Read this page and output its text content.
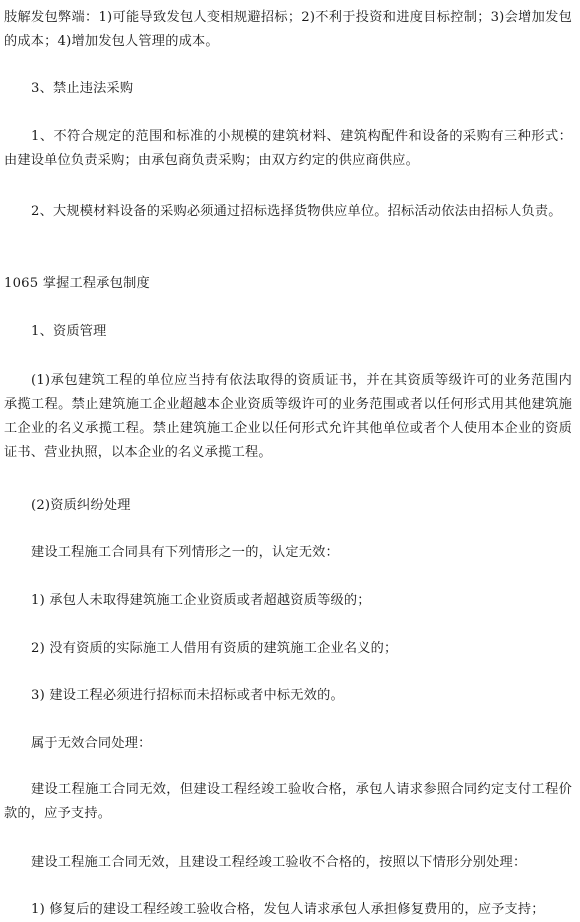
肢解发包弊端：1)可能导致发包人变相规避招标；2)不利于投资和进度目标控制；3)会增加发包的成本；4)增加发包人管理的成本。

3、禁止违法采购

1、不符合规定的范围和标准的小规模的建筑材料、建筑构配件和设备的采购有三种形式：由建设单位负责采购；由承包商负责采购；由双方约定的供应商供应。

2、大规模材料设备的采购必须通过招标选择货物供应单位。招标活动依法由招标人负责。

1065 掌握工程承包制度

1、资质管理

(1)承包建筑工程的单位应当持有依法取得的资质证书，并在其资质等级许可的业务范围内承揽工程。禁止建筑施工企业超越本企业资质等级许可的业务范围或者以任何形式用其他建筑施工企业的名义承揽工程。禁止建筑施工企业以任何形式允许其他单位或者个人使用本企业的资质证书、营业执照，以本企业的名义承揽工程。

(2)资质纠纷处理

建设工程施工合同具有下列情形之一的，认定无效：

1) 承包人未取得建筑施工企业资质或者超越资质等级的；

2) 没有资质的实际施工人借用有资质的建筑施工企业名义的；

3) 建设工程必须进行招标而未招标或者中标无效的。

属于无效合同处理：

建设工程施工合同无效，但建设工程经竣工验收合格，承包人请求参照合同约定支付工程价款的，应予支持。

建设工程施工合同无效，且建设工程经竣工验收不合格的，按照以下情形分别处理：

1) 修复后的建设工程经竣工验收合格，发包人请求承包人承担修复费用的，应予支持；
